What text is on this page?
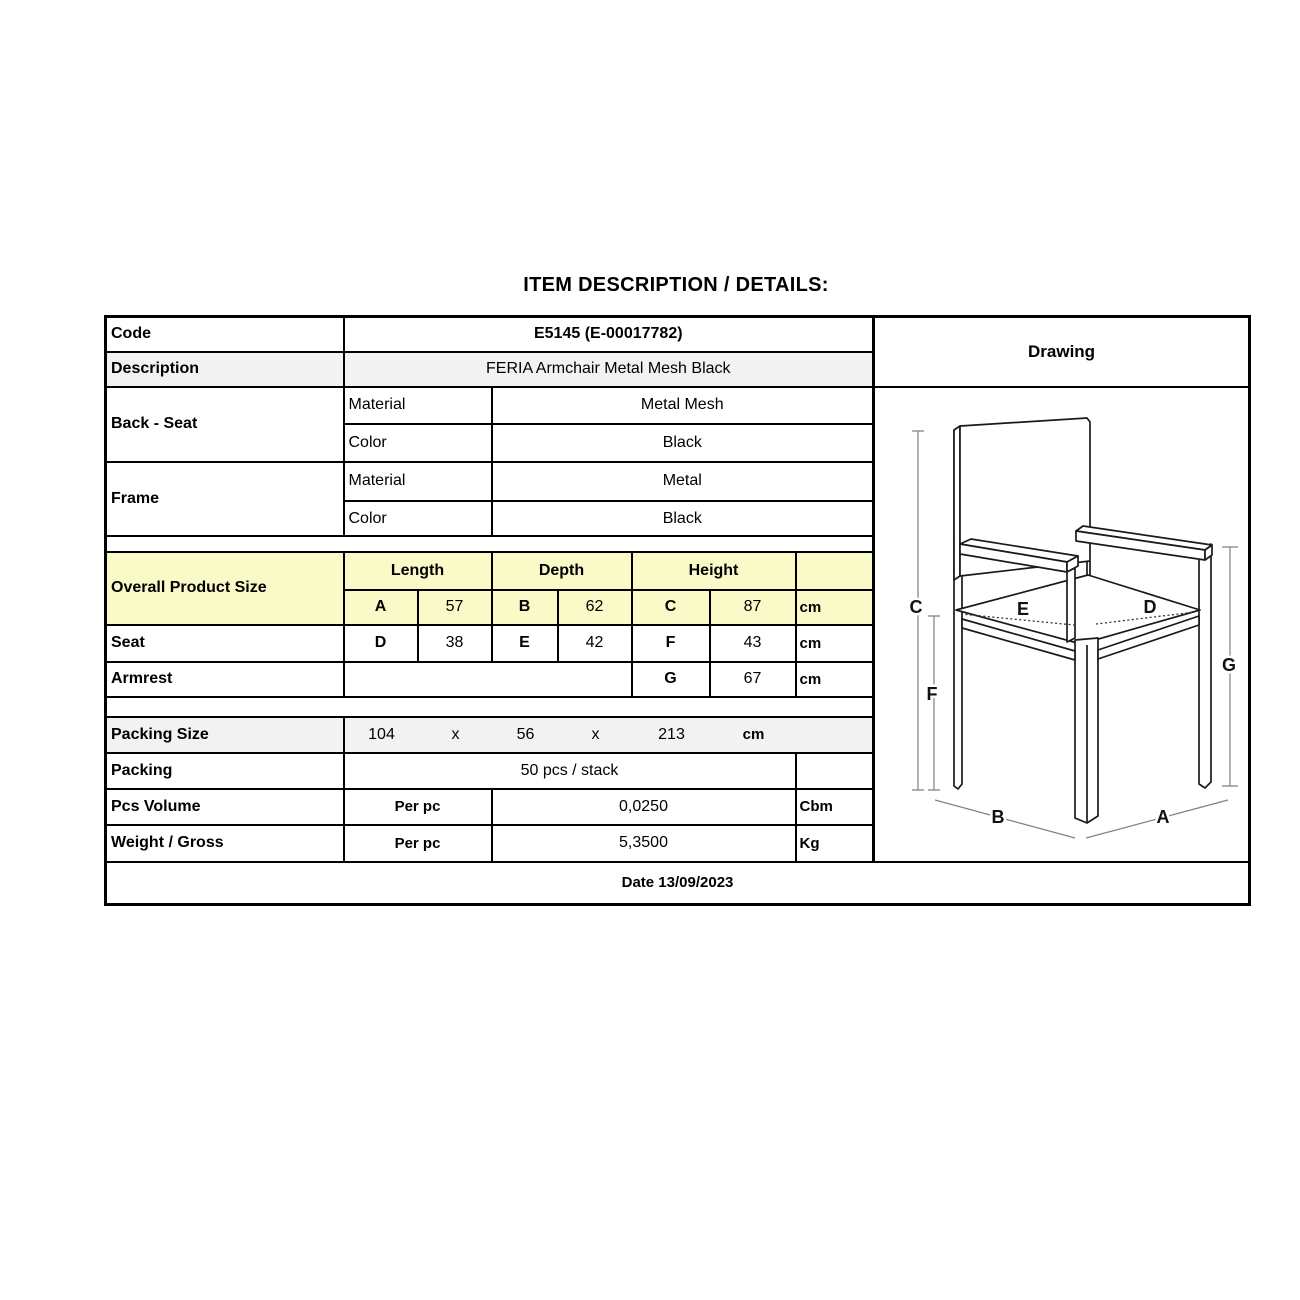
ITEM DESCRIPTION / DETAILS:
Code	E5145 (E-00017782)							Drawing
Description	FERIA Armchair Metal Mesh Black							
Back - Seat	Material	Metal Mesh	
C
F
G
E	D
B	A

	Color		Black					
Frame	Material		Metal					
	Color		Black					

Overall Product Size	Length		Depth		Height			
	A	57	B	62	C	87	cm	
Seat	D	38	E	42	F	43	cm	
Armrest					G	67	cm	

Packing Size	104	x	56	x	213	cm

Packing	50 pcs / stack							
Pcs Volume	Per pc		0,0250				Cbm	
Weight / Gross	Per pc		5,3500				Kg	
Date 13/09/2023								
